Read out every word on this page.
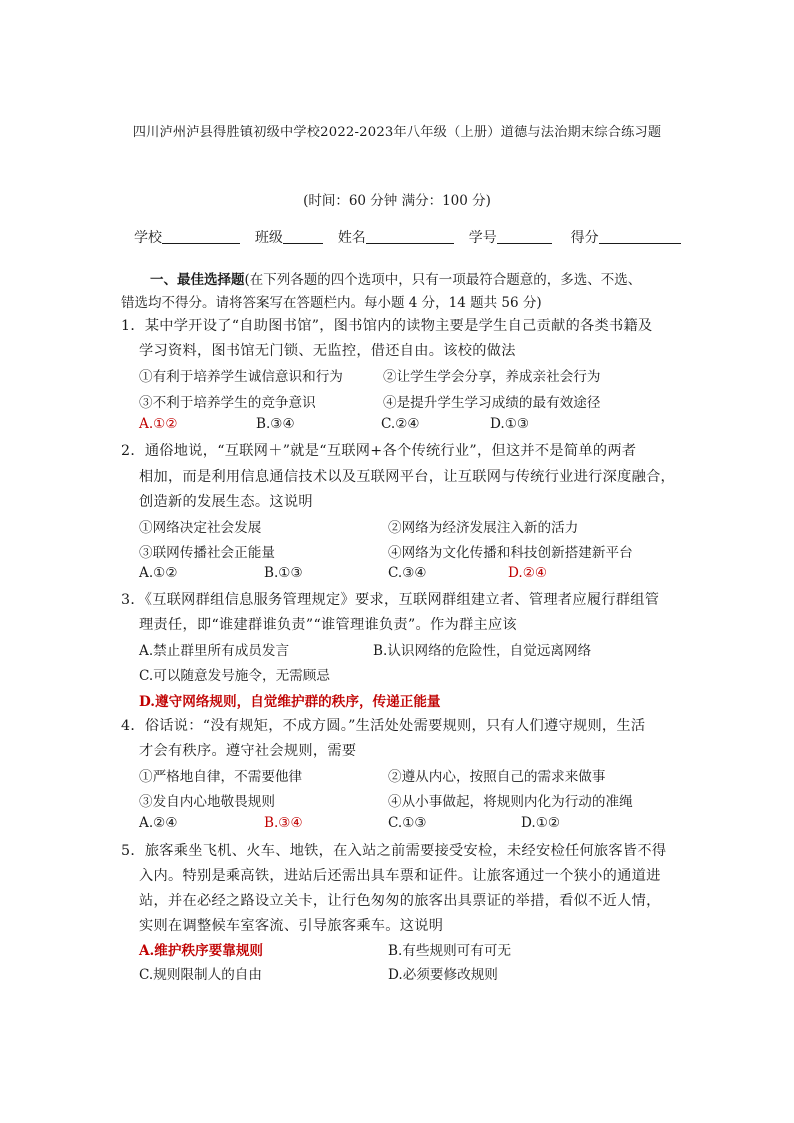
四川泸州泸县得胜镇初级中学校2022-2023年八年级（上册）道德与法治期末综合练习题
(时间：60 分钟 满分：100 分)
学校	班级	姓名	学号	得分
一、最佳选择题(在下列各题的四个选项中，只有一项最符合题意的，多选、不选、
错选均不得分。请将答案写在答题栏内。每小题 4 分，14 题共 56 分)
1．某中学开设了“自助图书馆”，图书馆内的读物主要是学生自己贡献的各类书籍及
学习资料，图书馆无门锁、无监控，借还自由。该校的做法
①有利于培养学生诚信意识和行为	②让学生学会分享，养成亲社会行为
③不利于培养学生的竞争意识	④是提升学生学习成绩的最有效途径
A.①②	B.③④	C.②④	D.①③
2．通俗地说，“互联网＋”就是“互联网+各个传统行业”，但这并不是简单的两者
相加，而是利用信息通信技术以及互联网平台，让互联网与传统行业进行深度融合，
创造新的发展生态。这说明
①网络决定社会发展	②网络为经济发展注入新的活力
③联网传播社会正能量	④网络为文化传播和科技创新搭建新平台
A.①②	B.①③	C.③④	D.②④
3．《互联网群组信息服务管理规定》要求，互联网群组建立者、管理者应履行群组管
理责任，即“谁建群谁负责”“谁管理谁负责”。作为群主应该
A.禁止群里所有成员发言	B.认识网络的危险性，自觉远离网络
C.可以随意发号施令，无需顾忌
D.遵守网络规则，自觉维护群的秩序，传递正能量
4．俗话说：“没有规矩，不成方圆。”生活处处需要规则，只有人们遵守规则，生活
才会有秩序。遵守社会规则，需要
①严格地自律，不需要他律	②遵从内心，按照自己的需求来做事
③发自内心地敬畏规则	④从小事做起，将规则内化为行动的准绳
A.②④	B.③④	C.①③	D.①②
5．旅客乘坐飞机、火车、地铁，在入站之前需要接受安检，未经安检任何旅客皆不得
入内。特别是乘高铁，进站后还需出具车票和证件。让旅客通过一个狭小的通道进
站，并在必经之路设立关卡，让行色匆匆的旅客出具票证的举措，看似不近人情，
实则在调整候车室客流、引导旅客乘车。这说明
A.维护秩序要靠规则	B.有些规则可有可无
C.规则限制人的自由	D.必须要修改规则
